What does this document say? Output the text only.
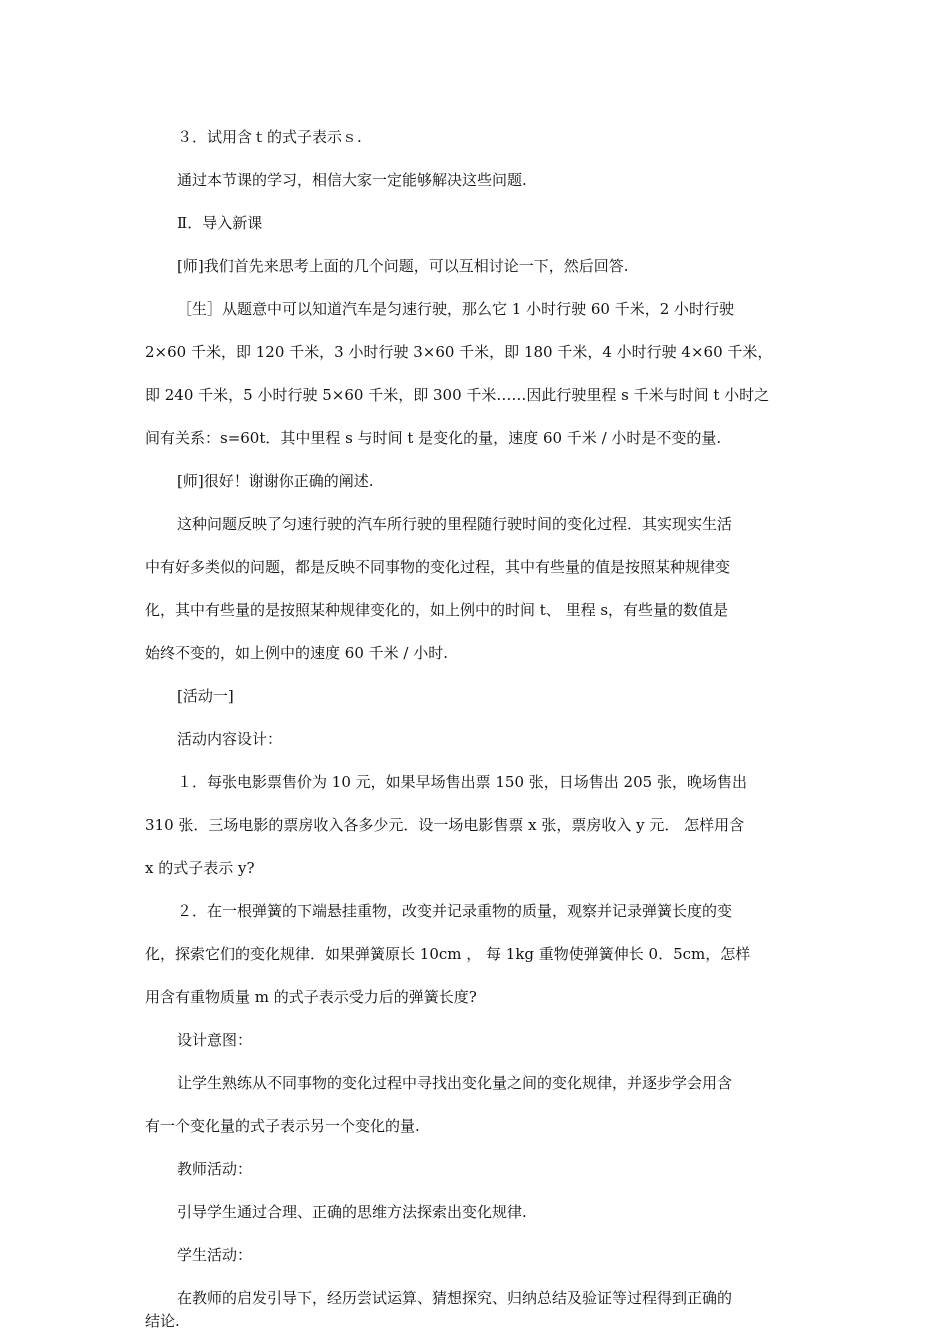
３．试用含ｔ的式子表示ｓ.
通过本节课的学习，相信大家一定能够解决这些问题.
Ⅱ．导入新课
[师]我们首先来思考上面的几个问题，可以互相讨论一下，然后回答.
［生］从题意中可以知道汽车是匀速行驶，那么它 1 小时行驶 60 千米，2 小时行驶
2×60 千米，即 120 千米，3 小时行驶 3×60 千米，即 180 千米，4 小时行驶 4×60 千米，
即 240 千米，5 小时行驶 5×60 千米，即 300 千米……因此行驶里程 s 千米与时间 t 小时之
间有关系：s=60t．其中里程 s 与时间 t 是变化的量，速度 60 千米 / 小时是不变的量.
[师]很好！谢谢你正确的阐述.
这种问题反映了匀速行驶的汽车所行驶的里程随行驶时间的变化过程．其实现实生活
中有好多类似的问题，都是反映不同事物的变化过程，其中有些量的值是按照某种规律变
化，其中有些量的是按照某种规律变化的，如上例中的时间 t、 里程 s，有些量的数值是
始终不变的，如上例中的速度 60 千米 / 小时.
[活动一]
活动内容设计：
１．每张电影票售价为 10 元，如果早场售出票 150 张，日场售出 205 张，晚场售出
310 张．三场电影的票房收入各多少元．设一场电影售票 x 张，票房收入 y 元． 怎样用含
x 的式子表示 y?
２．在一根弹簧的下端悬挂重物，改变并记录重物的质量，观察并记录弹簧长度的变
化，探索它们的变化规律．如果弹簧原长 10cm ， 每 1kg 重物使弹簧伸长 0．5cm，怎样
用含有重物质量 m 的式子表示受力后的弹簧长度?
设计意图：
让学生熟练从不同事物的变化过程中寻找出变化量之间的变化规律，并逐步学会用含
有一个变化量的式子表示另一个变化的量.
教师活动：
引导学生通过合理、正确的思维方法探索出变化规律.
学生活动：
在教师的启发引导下，经历尝试运算、猜想探究、归纳总结及验证等过程得到正确的
结论.
